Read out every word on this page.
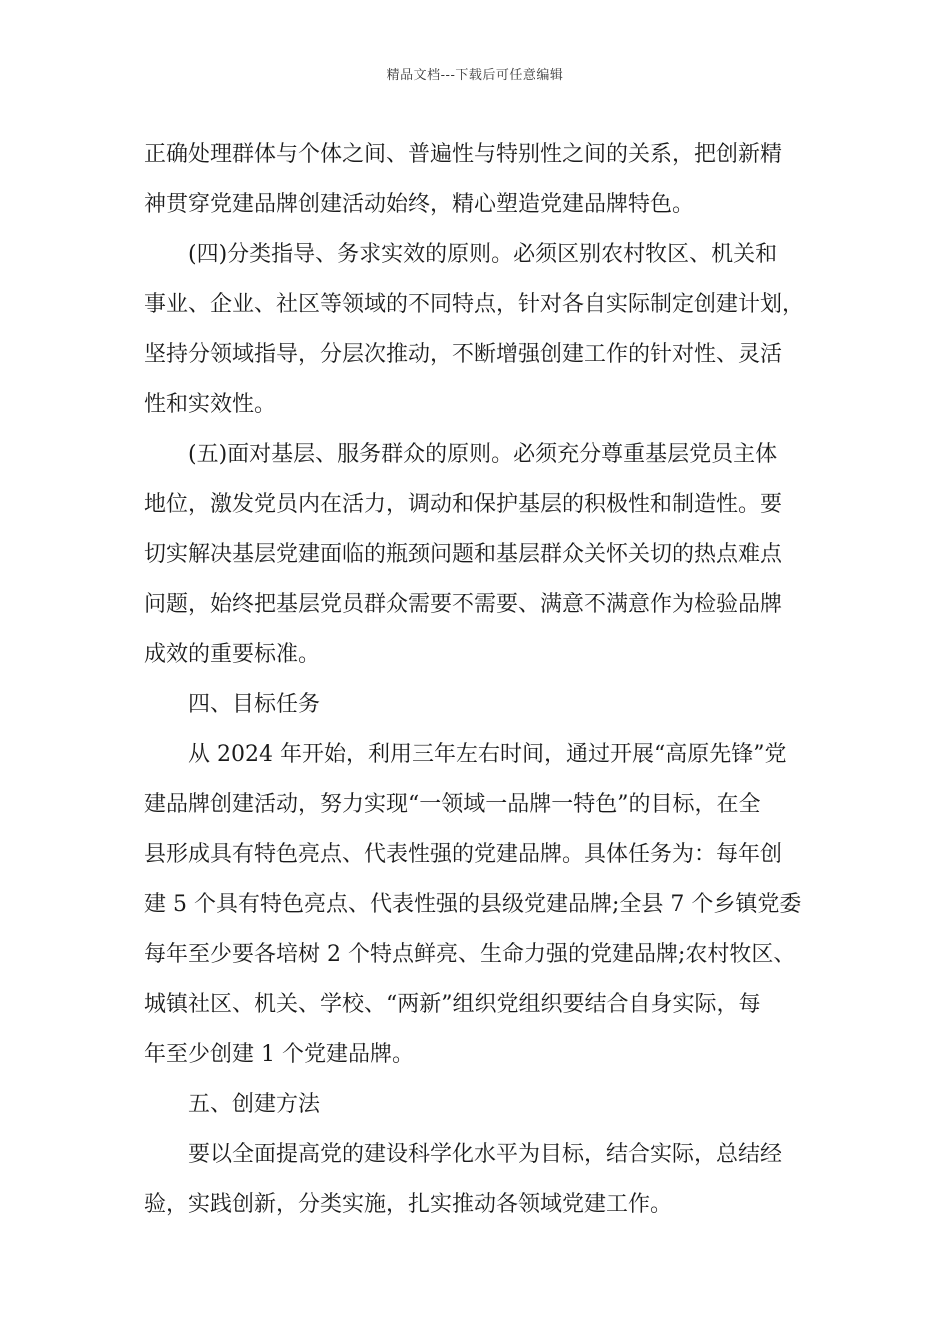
精品文档---下载后可任意编辑
正确处理群体与个体之间、普遍性与特别性之间的关系，把创新精
神贯穿党建品牌创建活动始终，精心塑造党建品牌特色。
(四)分类指导、务求实效的原则。必须区别农村牧区、机关和
事业、企业、社区等领域的不同特点，针对各自实际制定创建计划，
坚持分领域指导，分层次推动，不断增强创建工作的针对性、灵活
性和实效性。
(五)面对基层、服务群众的原则。必须充分尊重基层党员主体
地位，激发党员内在活力，调动和保护基层的积极性和制造性。要
切实解决基层党建面临的瓶颈问题和基层群众关怀关切的热点难点
问题，始终把基层党员群众需要不需要、满意不满意作为检验品牌
成效的重要标准。
四、目标任务
从 2024 年开始，利用三年左右时间，通过开展“高原先锋”党
建品牌创建活动，努力实现“一领域一品牌一特色”的目标，在全
县形成具有特色亮点、代表性强的党建品牌。具体任务为：每年创
建 5 个具有特色亮点、代表性强的县级党建品牌;全县 7 个乡镇党委
每年至少要各培树 2 个特点鲜亮、生命力强的党建品牌;农村牧区、
城镇社区、机关、学校、“两新”组织党组织要结合自身实际，每
年至少创建 1 个党建品牌。
五、创建方法
要以全面提高党的建设科学化水平为目标，结合实际，总结经
验，实践创新，分类实施，扎实推动各领域党建工作。
